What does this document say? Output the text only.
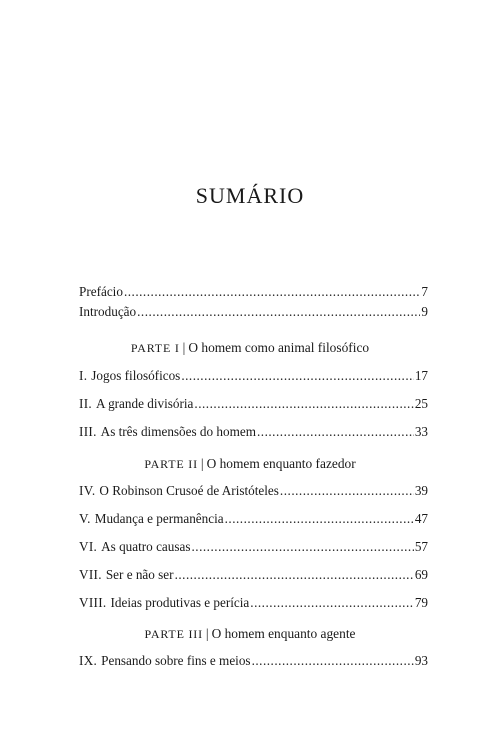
SUMÁRIO
Prefácio .....	7
Introdução .....	9
PARTE I | O homem como animal filosófico
I. Jogos filosóficos .....	17
II. A grande divisória .....	25
III. As três dimensões do homem .....	33
PARTE II | O homem enquanto fazedor
IV. O Robinson Crusoé de Aristóteles .....	39
V. Mudança e permanência .....	47
VI. As quatro causas .....	57
VII. Ser e não ser .....	69
VIII. Ideias produtivas e perícia .....	79
PARTE III | O homem enquanto agente
IX. Pensando sobre fins e meios .....	93
